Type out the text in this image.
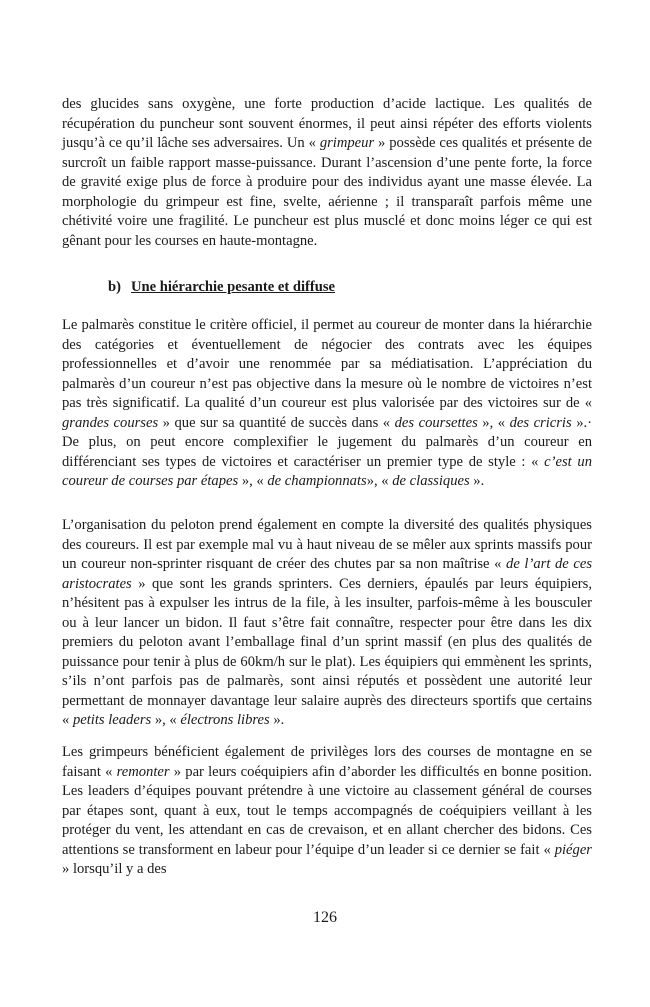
des glucides sans oxygène, une forte production d’acide lactique. Les qualités de récupération du puncheur sont souvent énormes, il peut ainsi répéter des efforts violents jusqu’à ce qu’il lâche ses adversaires. Un « grimpeur » possède ces qualités et présente de surcroît un faible rapport masse-puissance. Durant l’ascension d’une pente forte, la force de gravité exige plus de force à produire pour des individus ayant une masse élevée. La morphologie du grimpeur est fine, svelte, aérienne ; il transparaît parfois même une chétivité voire une fragilité. Le puncheur est plus musclé et donc moins léger ce qui est gênant pour les courses en haute-montagne.

b) Une hiérarchie pesante et diffuse

Le palmarès constitue le critère officiel, il permet au coureur de monter dans la hiérarchie des catégories et éventuellement de négocier des contrats avec les équipes professionnelles et d’avoir une renommée par sa médiatisation. L’appréciation du palmarès d’un coureur n’est pas objective dans la mesure où le nombre de victoires n’est pas très significatif. La qualité d’un coureur est plus valorisée par des victoires sur de « grandes courses » que sur sa quantité de succès dans « des coursettes », « des cricris ».· De plus, on peut encore complexifier le jugement du palmarès d’un coureur en différenciant ses types de victoires et caractériser un premier type de style : « c’est un coureur de courses par étapes », « de championnats», « de classiques ».

L’organisation du peloton prend également en compte la diversité des qualités physiques des coureurs. Il est par exemple mal vu à haut niveau de se mêler aux sprints massifs pour un coureur non-sprinter risquant de créer des chutes par sa non maîtrise « de l’art de ces aristocrates » que sont les grands sprinters. Ces derniers, épaulés par leurs équipiers, n’hésitent pas à expulser les intrus de la file, à les insulter, parfois-même à les bousculer ou à leur lancer un bidon. Il faut s’être fait connaître, respecter pour être dans les dix premiers du peloton avant l’emballage final d’un sprint massif (en plus des qualités de puissance pour tenir à plus de 60km/h sur le plat). Les équipiers qui emmènent les sprints, s’ils n’ont parfois pas de palmarès, sont ainsi réputés et possèdent une autorité leur permettant de monnayer davantage leur salaire auprès des directeurs sportifs que certains « petits leaders », « électrons libres ».

Les grimpeurs bénéficient également de privilèges lors des courses de montagne en se faisant « remonter » par leurs coéquipiers afin d’aborder les difficultés en bonne position. Les leaders d’équipes pouvant prétendre à une victoire au classement général de courses par étapes sont, quant à eux, tout le temps accompagnés de coéquipiers veillant à les protéger du vent, les attendant en cas de crevaison, et en allant chercher des bidons. Ces attentions se transforment en labeur pour l’équipe d’un leader si ce dernier se fait « piéger » lorsqu’il y a des

126
